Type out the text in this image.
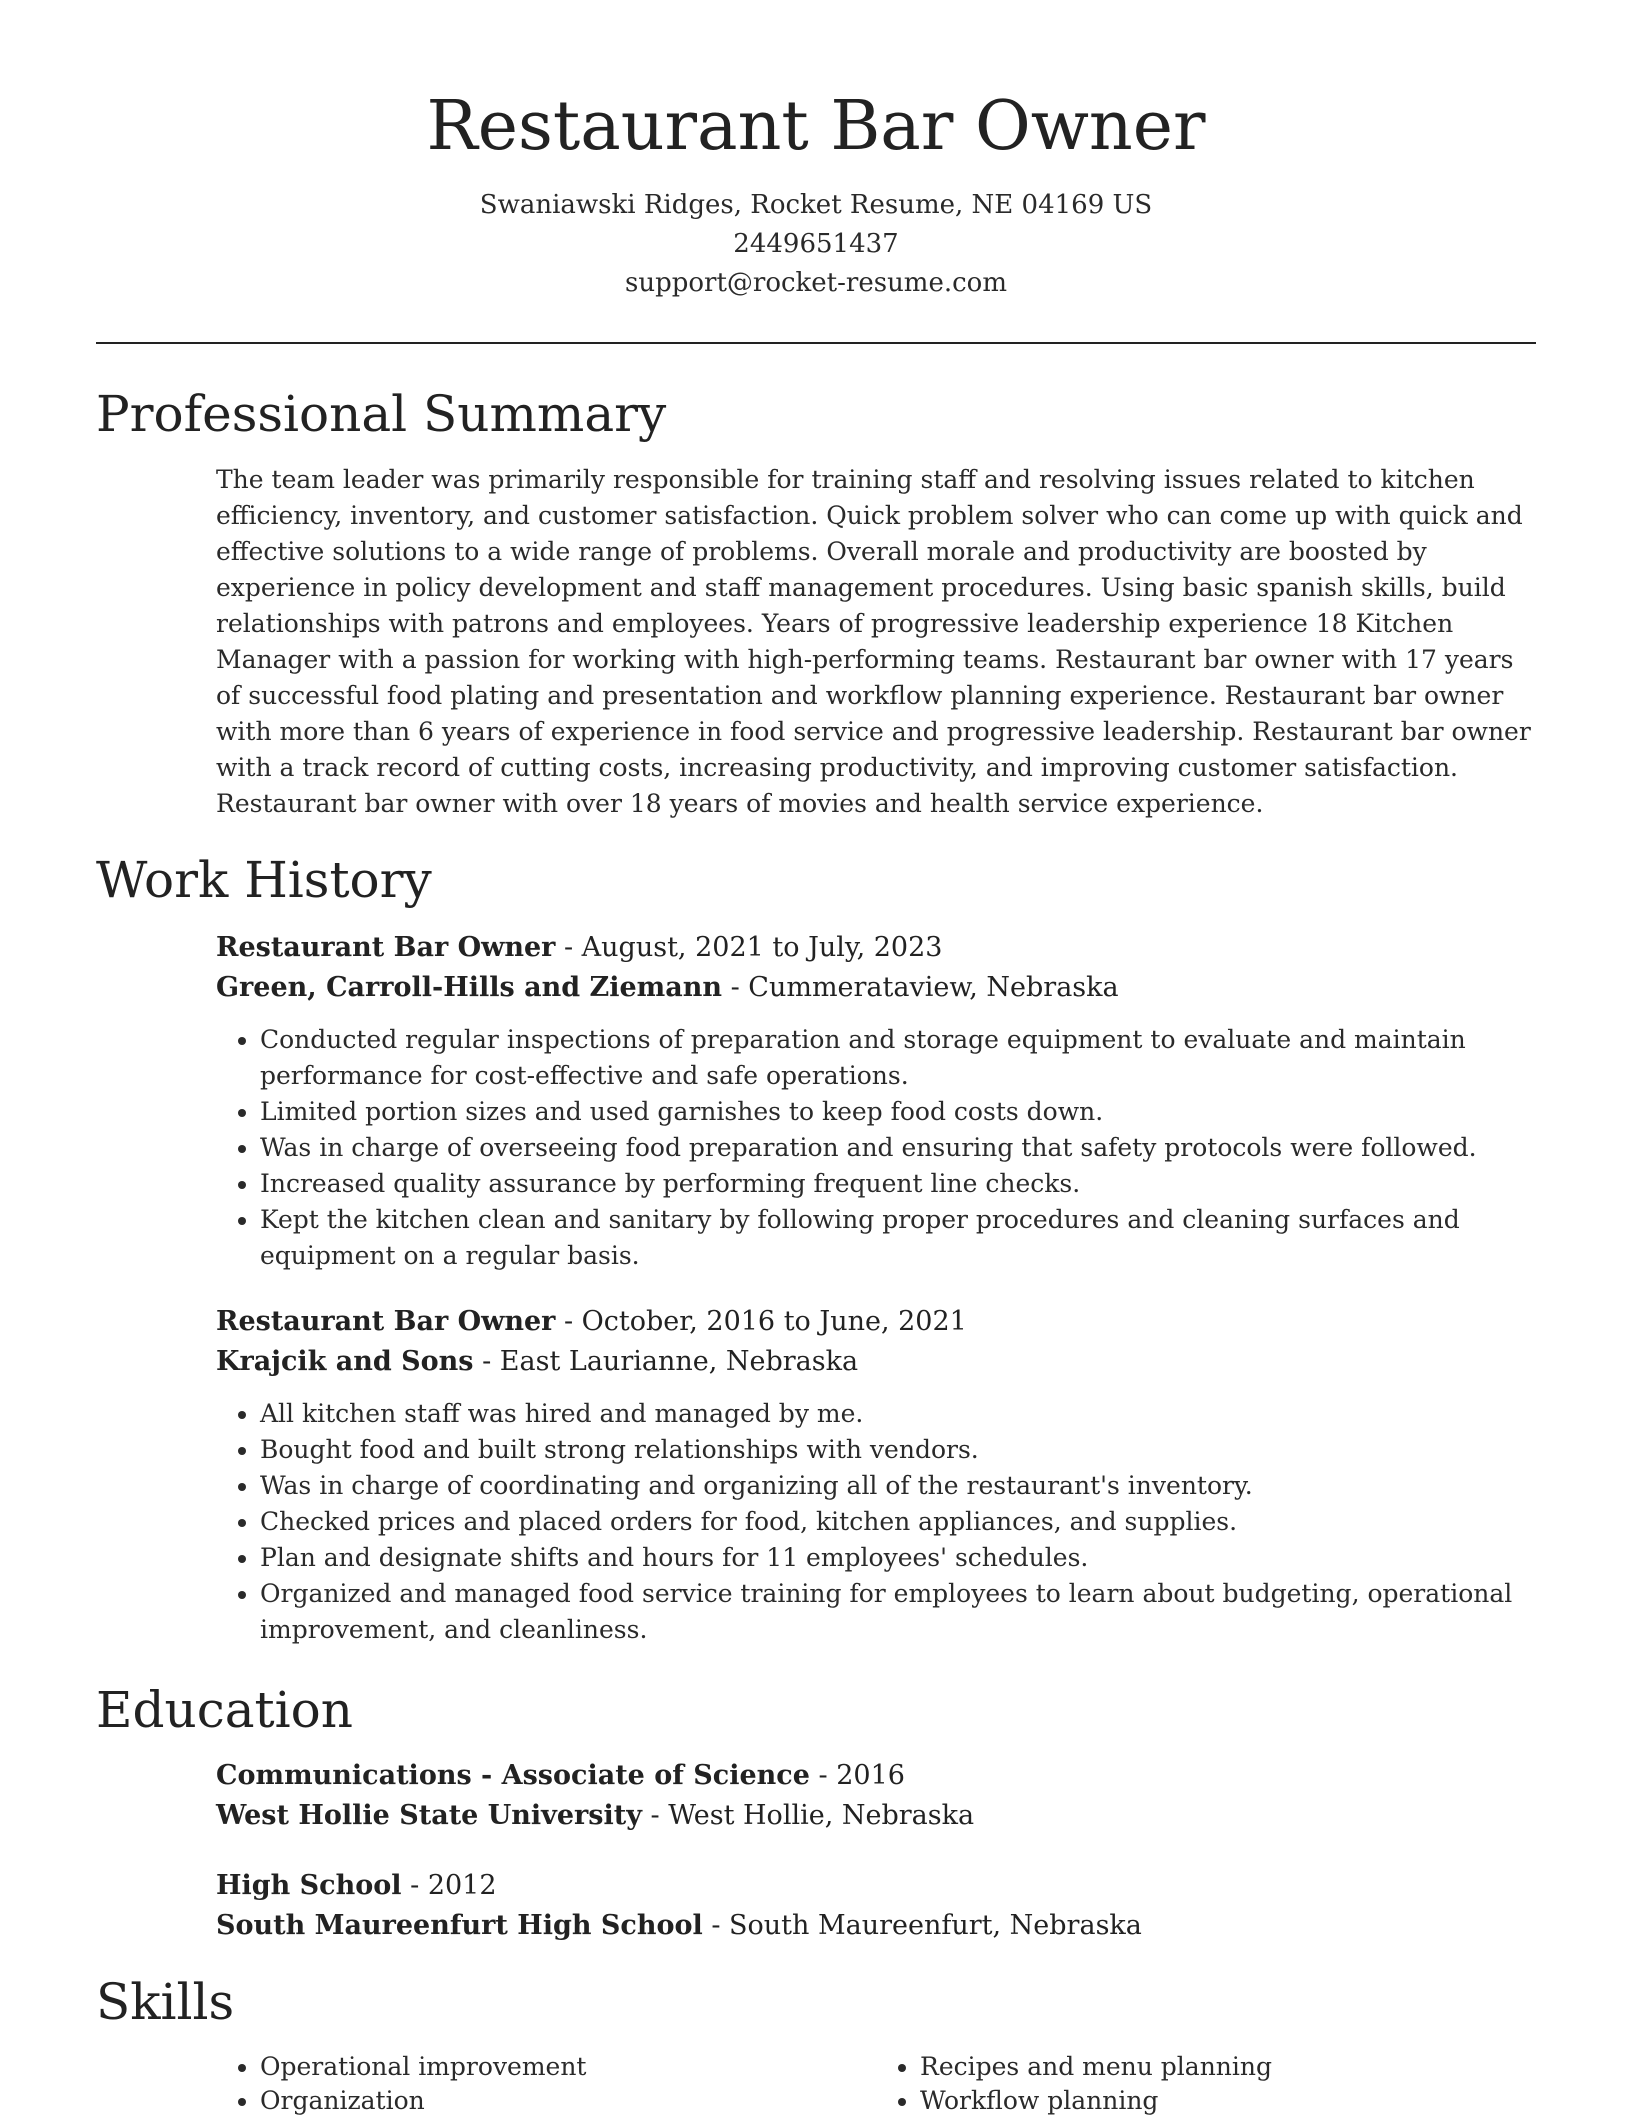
Restaurant Bar Owner

Swaniawski Ridges, Rocket Resume, NE 04169 US

2449651437

support@rocket-resume.com

Professional Summary

The team leader was primarily responsible for training staff and resolving issues related to kitchen efficiency, inventory, and customer satisfaction. Quick problem solver who can come up with quick and effective solutions to a wide range of problems. Overall morale and productivity are boosted by experience in policy development and staff management procedures. Using basic spanish skills, build relationships with patrons and employees. Years of progressive leadership experience 18 Kitchen Manager with a passion for working with high-performing teams. Restaurant bar owner with 17 years of successful food plating and presentation and workflow planning experience. Restaurant bar owner with more than 6 years of experience in food service and progressive leadership. Restaurant bar owner with a track record of cutting costs, increasing productivity, and improving customer satisfaction. Restaurant bar owner with over 18 years of movies and health service experience.

Work History

Restaurant Bar Owner - August, 2021 to July, 2023

Green, Carroll-Hills and Ziemann - Cummerataview, Nebraska

• Conducted regular inspections of preparation and storage equipment to evaluate and maintain performance for cost-effective and safe operations.
• Limited portion sizes and used garnishes to keep food costs down.
• Was in charge of overseeing food preparation and ensuring that safety protocols were followed.
• Increased quality assurance by performing frequent line checks.
• Kept the kitchen clean and sanitary by following proper procedures and cleaning surfaces and equipment on a regular basis.

Restaurant Bar Owner - October, 2016 to June, 2021

Krajcik and Sons - East Laurianne, Nebraska

• All kitchen staff was hired and managed by me.
• Bought food and built strong relationships with vendors.
• Was in charge of coordinating and organizing all of the restaurant's inventory.
• Checked prices and placed orders for food, kitchen appliances, and supplies.
• Plan and designate shifts and hours for 11 employees' schedules.
• Organized and managed food service training for employees to learn about budgeting, operational improvement, and cleanliness.
Education

Communications - Associate of Science - 2016

West Hollie State University - West Hollie, Nebraska

High School - 2012

South Maureenfurt High School - South Maureenfurt, Nebraska

Skills
• Operational improvement
• Organization
• Recipes and menu planning
• Workflow planning
